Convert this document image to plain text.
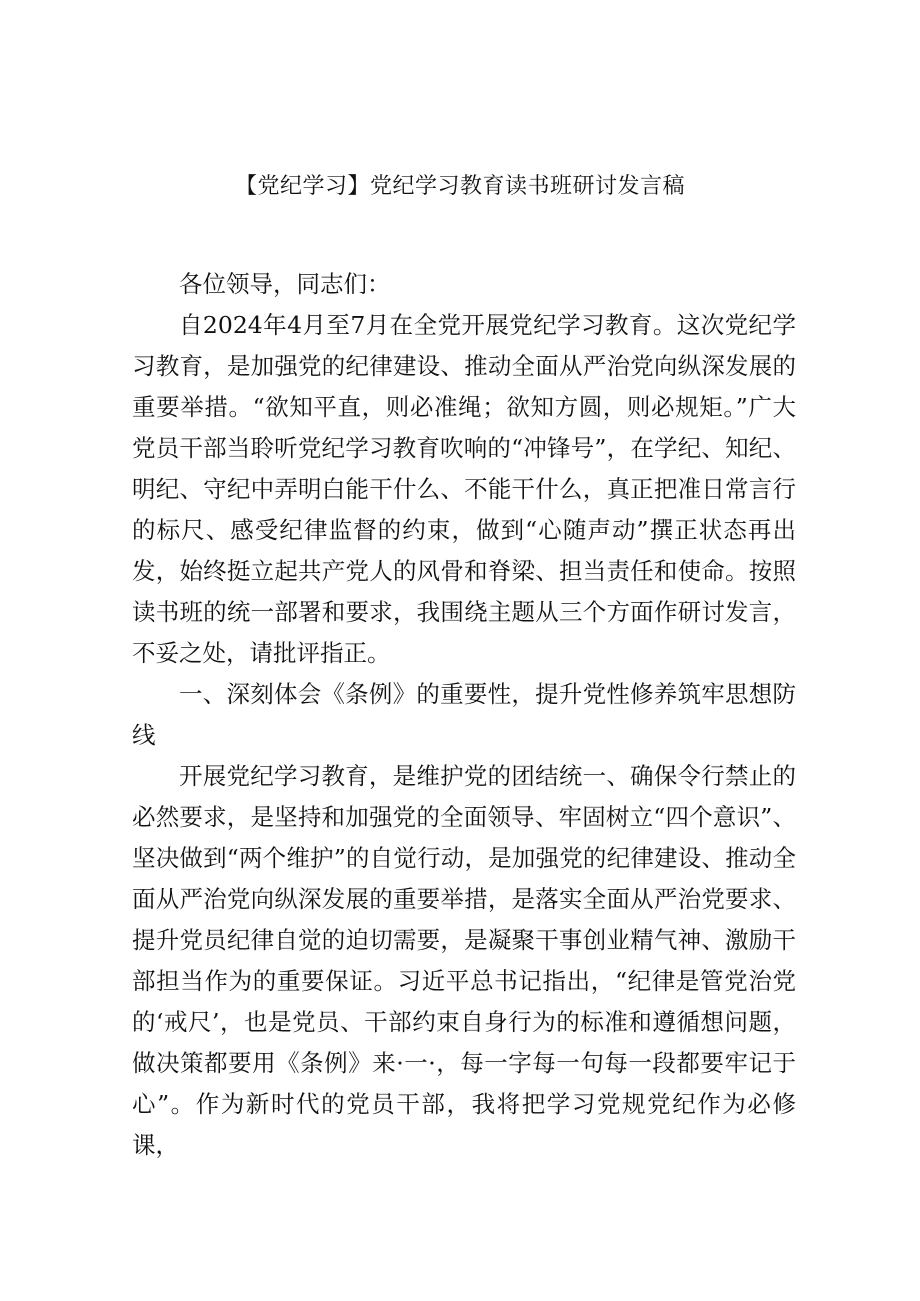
【党纪学习】党纪学习教育读书班研讨发言稿

各位领导，同志们：

自2024年4月至7月在全党开展党纪学习教育。这次党纪学习教育，是加强党的纪律建设、推动全面从严治党向纵深发展的重要举措。“欲知平直，则必准绳；欲知方圆，则必规矩。”广大党员干部当聆听党纪学习教育吹响的“冲锋号”，在学纪、知纪、明纪、守纪中弄明白能干什么、不能干什么，真正把准日常言行的标尺、感受纪律监督的约束，做到“心随声动”撰正状态再出发，始终挺立起共产党人的风骨和脊梁、担当责任和使命。按照读书班的统一部署和要求，我围绕主题从三个方面作研讨发言，不妥之处，请批评指正。

一、深刻体会《条例》的重要性，提升党性修养筑牢思想防线

开展党纪学习教育，是维护党的团结统一、确保令行禁止的必然要求，是坚持和加强党的全面领导、牢固树立“四个意识”、坚决做到“两个维护”的自觉行动，是加强党的纪律建设、推动全面从严治党向纵深发展的重要举措，是落实全面从严治党要求、提升党员纪律自觉的迫切需要，是凝聚干事创业精气神、激励干部担当作为的重要保证。习近平总书记指出，“纪律是管党治党的‘戒尺’，也是党员、干部约束自身行为的标准和遵循想问题，做决策都要用《条例》来·一·，每一字每一句每一段都要牢记于心”。作为新时代的党员干部，我将把学习党规党纪作为必修课，
